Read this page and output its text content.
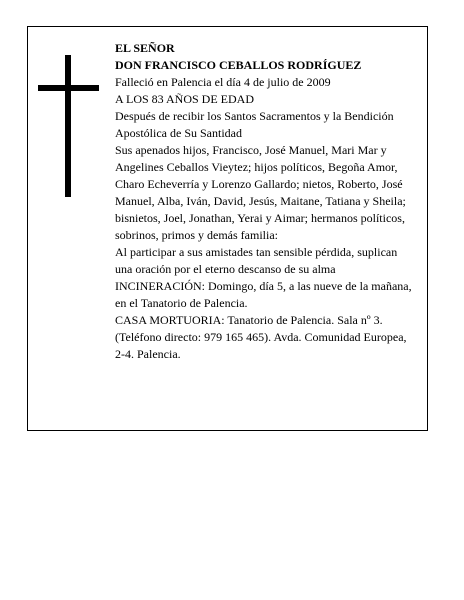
EL SEÑOR

DON FRANCISCO CEBALLOS RODRÍGUEZ

Falleció en Palencia el día 4 de julio de 2009

A LOS 83 AÑOS DE EDAD

Después de recibir los Santos Sacramentos y la Bendición Apostólica de Su Santidad

Sus apenados hijos, Francisco, José Manuel, Mari Mar y Angelines Ceballos Vieytez; hijos políticos, Begoña Amor, Charo Echeverría y Lorenzo Gallardo; nietos, Roberto, José Manuel, Alba, Iván, David, Jesús, Maitane, Tatiana y Sheila; bisnietos, Joel, Jonathan, Yerai y Aimar; hermanos políticos, sobrinos, primos y demás familia:

Al participar a sus amistades tan sensible pérdida, suplican una oración por el eterno descanso de su alma

INCINERACIÓN: Domingo, día 5, a las nueve de la mañana, en el Tanatorio de Palencia.

CASA MORTUORIA: Tanatorio de Palencia. Sala nº 3. (Teléfono directo: 979 165 465). Avda. Comunidad Europea, 2-4. Palencia.
